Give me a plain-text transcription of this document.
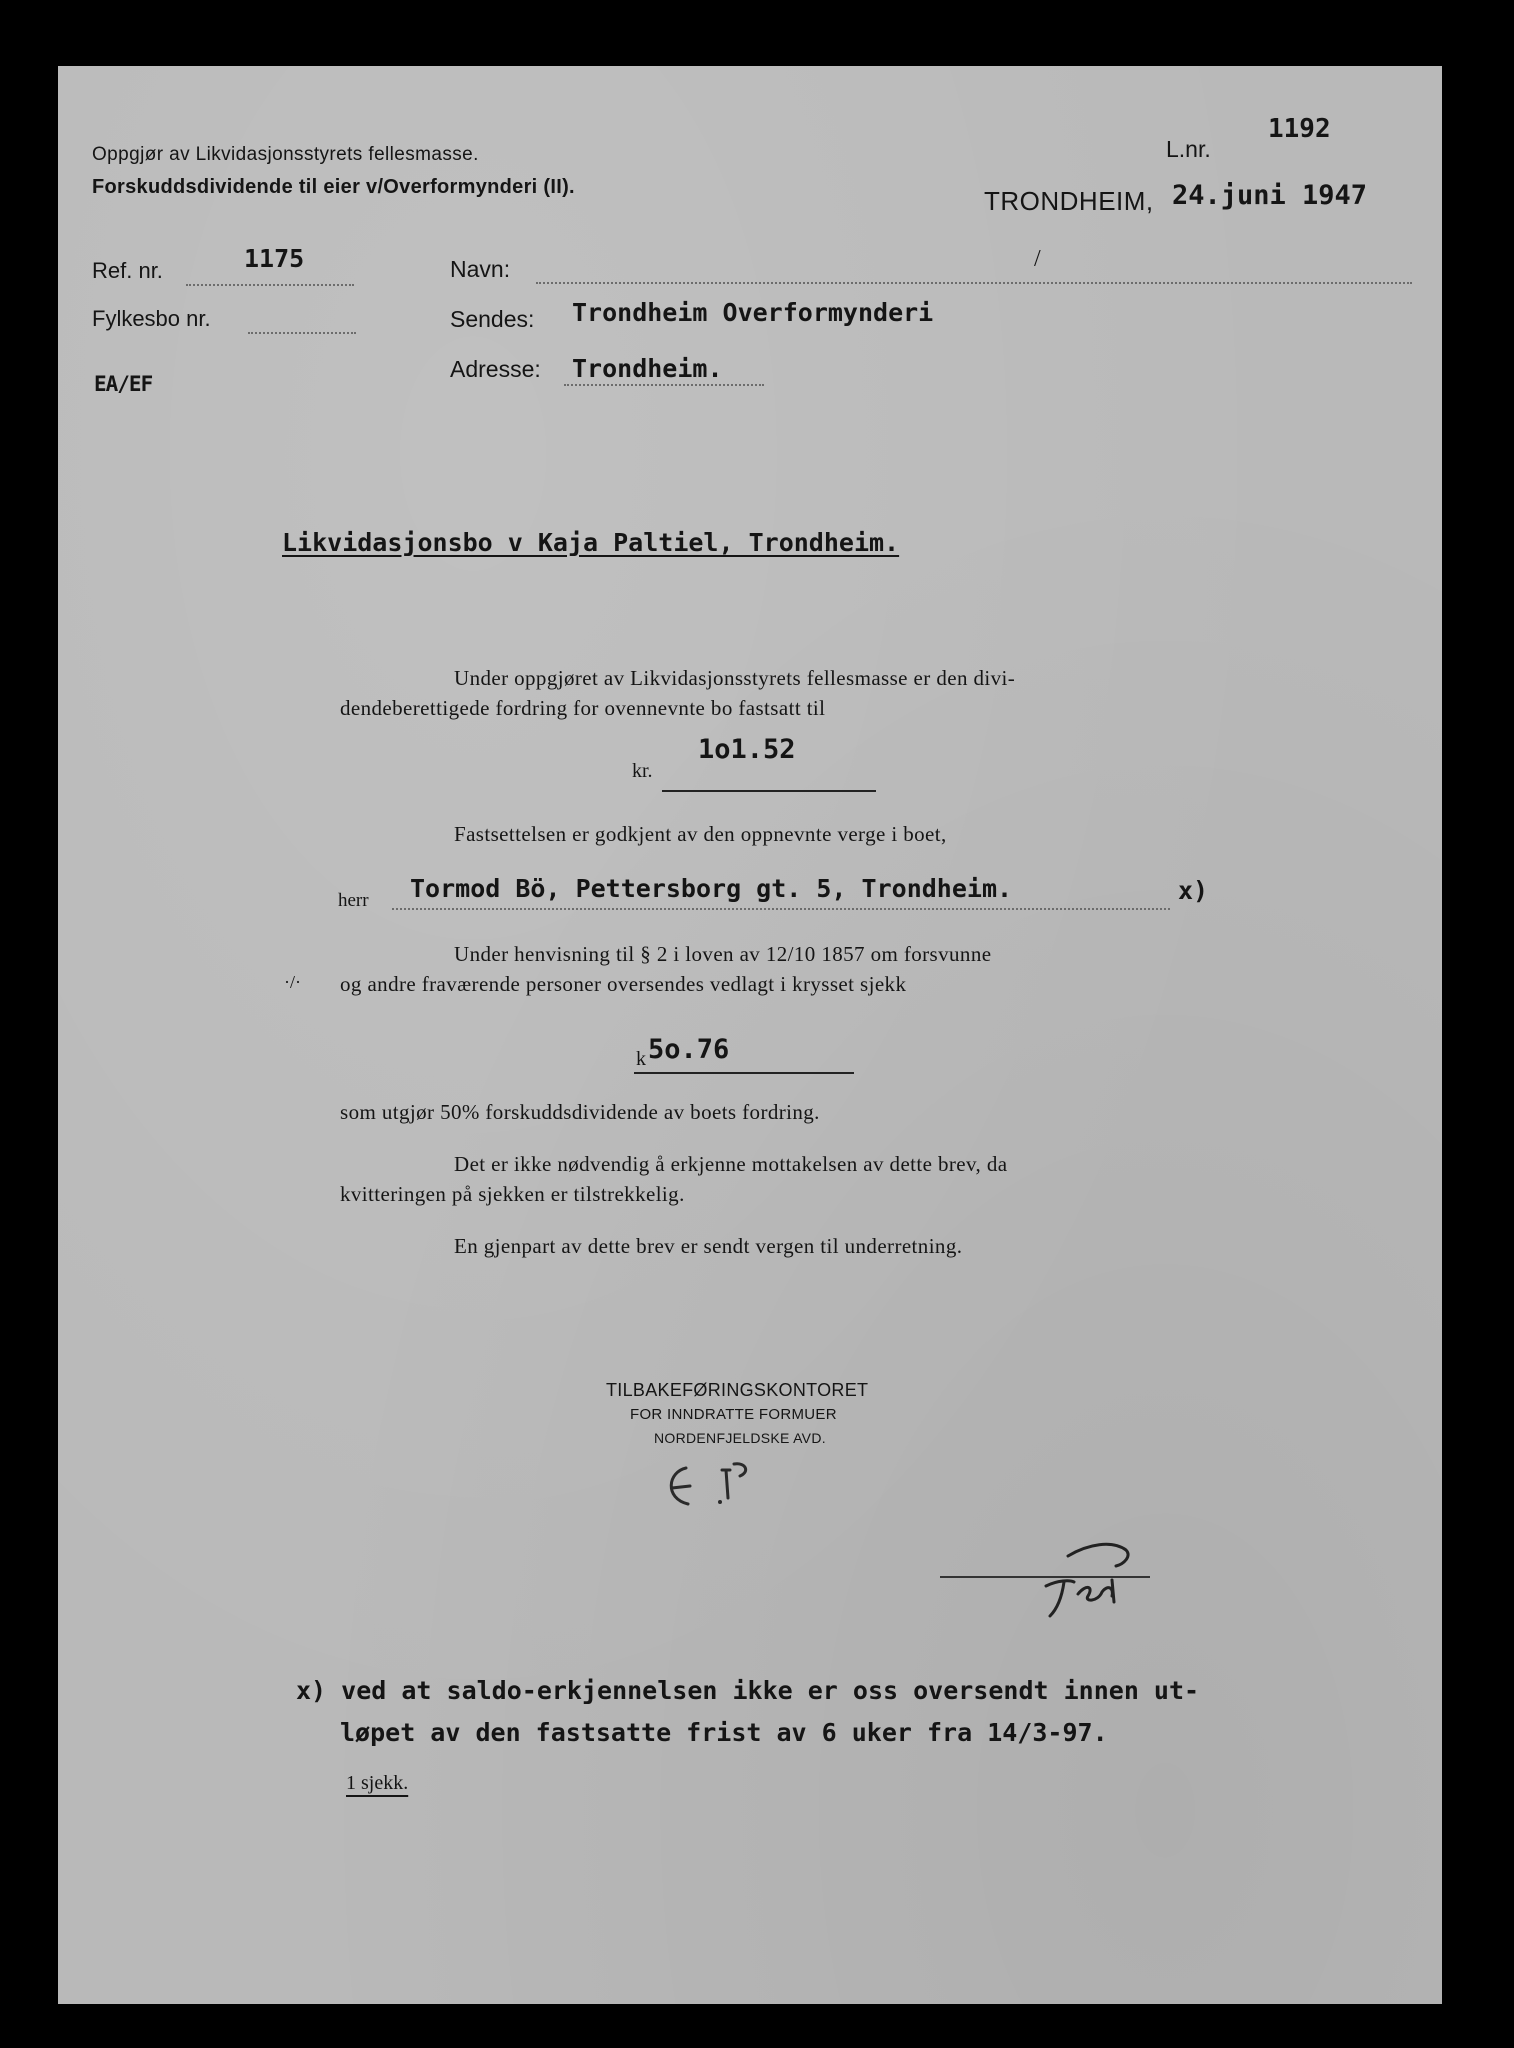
Oppgjør av Likvidasjonsstyrets fellesmasse.
Forskuddsdividende til eier v/Overformynderi (II).
L.nr.
1192
TRONDHEIM, 24.juni 1947
Ref. nr.	1175
Fylkesbo nr.
EA/EF
Navn:	/
Sendes: Trondheim Overformynderi
Adresse: Trondheim.
Likvidasjonsbo v Kaja Paltiel, Trondheim.
Under oppgjøret av Likvidasjonsstyrets fellesmasse er den divi-
dendeberettigede fordring for ovennevnte bo fastsatt til
kr.
1o1.52
Fastsettelsen er godkjent av den oppnevnte verge i boet,
herr Tormod Bö, Pettersborg gt. 5, Trondheim.	x)
Under henvisning til § 2 i loven av 12/10 1857 om forsvunne
·/· og andre fraværende personer oversendes vedlagt i krysset sjekk
k 5o.76
som utgjør 50% forskuddsdividende av boets fordring.
Det er ikke nødvendig å erkjenne mottakelsen av dette brev, da
kvitteringen på sjekken er tilstrekkelig.
En gjenpart av dette brev er sendt vergen til underretning.
TILBAKEFØRINGSKONTORET
FOR INNDRATTE FORMUER
NORDENFJELDSKE AVD.
x) ved at saldo-erkjennelsen ikke er oss oversendt innen ut-
løpet av den fastsatte frist av 6 uker fra 14/3-97.
1 sjekk.
